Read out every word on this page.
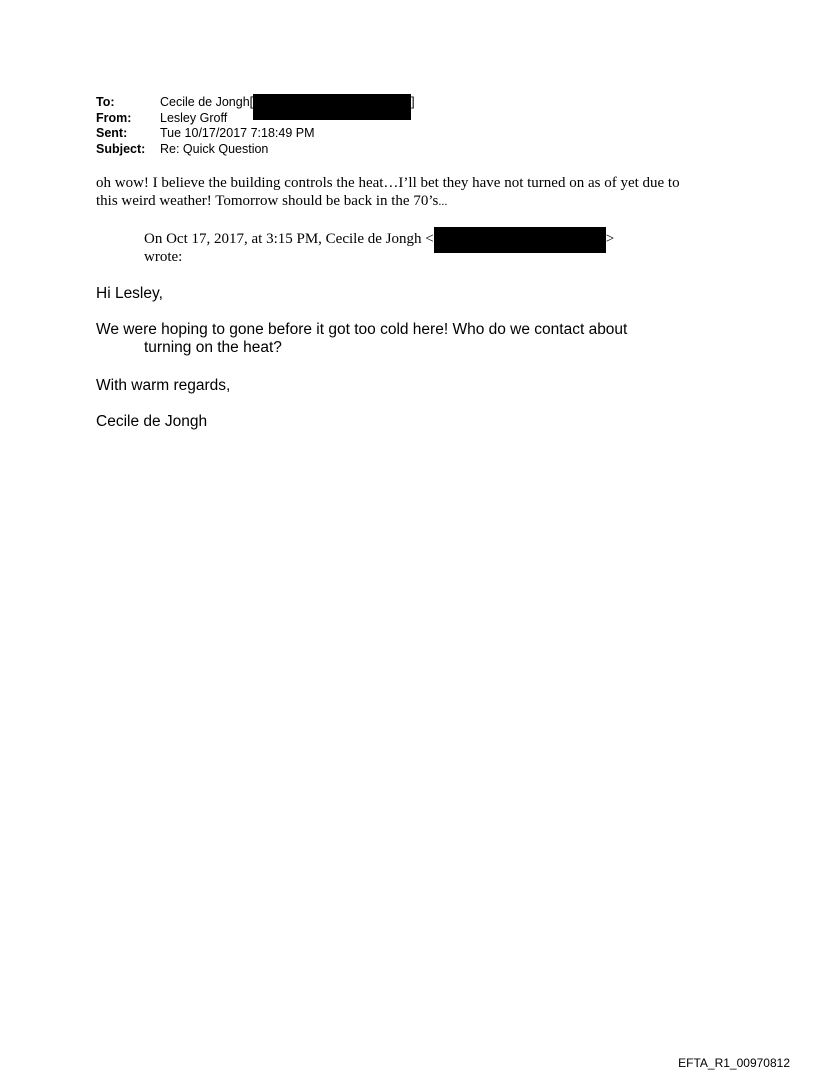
To:	Cecile de Jongh[	]
From:	Lesley Groff
Sent:	Tue 10/17/2017 7:18:49 PM
Subject:	Re: Quick Question
oh wow! I believe the building controls the heat…I’ll bet they have not turned on as of yet due to
this weird weather! Tomorrow should be back in the 70’s...
On Oct 17, 2017, at 3:15 PM, Cecile de Jongh <	>
wrote:
Hi Lesley,
We were hoping to gone before it got too cold here! Who do we contact about
turning on the heat?
With warm regards,
Cecile de Jongh
EFTA_R1_00970812
